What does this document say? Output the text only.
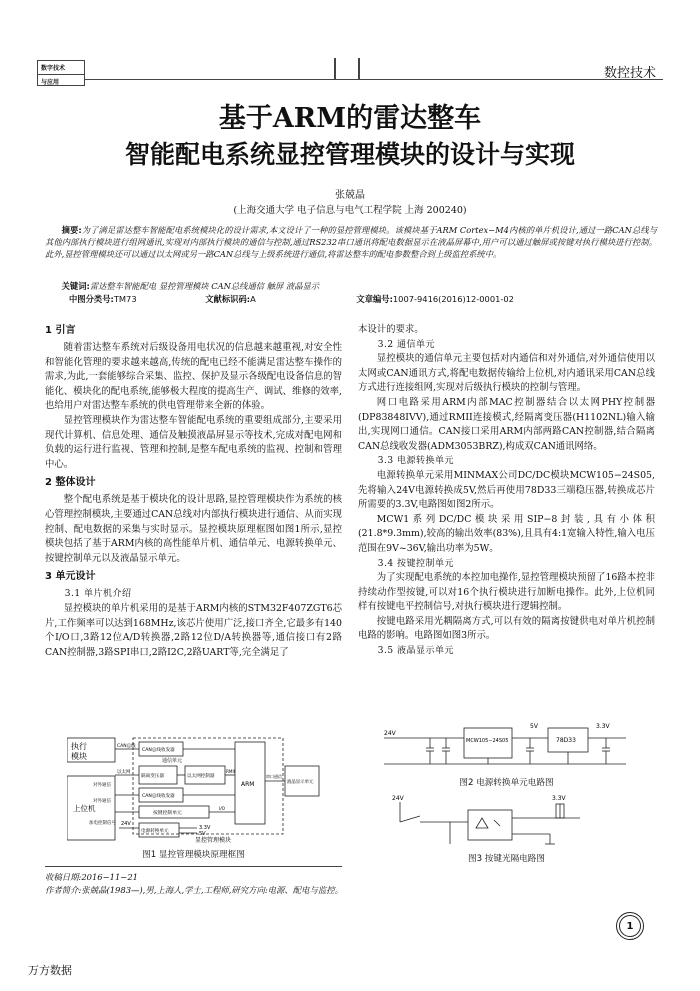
数字技术
与应用
数控技术
基于ARM的雷达整车
智能配电系统显控管理模块的设计与实现
张兢晶
(上海交通大学 电子信息与电气工程学院 上海 200240)
摘要:为了满足雷达整车智能配电系统模块化的设计需求,本文设计了一种的显控管理模块。该模块基于ARM Cortex−M4内核的单片机设计,通过一路CAN总线与其他内部执行模块进行组网通讯,实现对内部执行模块的通信与控制,通过RS232串口通讯将配电数据显示在液晶屏幕中,用户可以通过触屏或按键对执行模块进行控制。此外,显控管理模块还可以通过以太网或另一路CAN总线与上级系统进行通信,将雷达整车的配电参数整合到上级监控系统中。
关键词:雷达整车智能配电 显控管理模块 CAN总线通信 触屏 液晶显示
中图分类号:TM73	文献标识码:A	文章编号:1007-9416(2016)12-0001-02
1 引言
随着雷达整车系统对后级设备用电状况的信息越来越重视,对安全性和智能化管理的要求越来越高,传统的配电已经不能满足雷达整车操作的需求,为此,一套能够综合采集、监控、保护及显示各级配电设备信息的智能化、模块化的配电系统,能够极大程度的提高生产、调试、维修的效率,也给用户对雷达整车系统的供电管理带来全新的体验。
显控管理模块作为雷达整车智能配电系统的重要组成部分,主要采用现代计算机、信息处理、通信及触摸液晶屏显示等技术,完成对配电网和负载的运行进行监视、管理和控制,是整车配电系统的监视、控制和管理中心。
2 整体设计
整个配电系统是基于模块化的设计思路,显控管理模块作为系统的核心管理控制模块,主要通过CAN总线对内部执行模块进行通信、从而实现控制、配电数据的采集与实时显示。显控模块原理框图如图1所示,显控模块包括了基于ARM内核的高性能单片机、通信单元、电源转换单元、按键控制单元以及液晶显示单元。
3 单元设计
3.1 单片机介绍
显控模块的单片机采用的是基于ARM内核的STM32F407ZGT6芯片,工作频率可以达到168MHz,该芯片使用广泛,接口齐全,它最多有140个I/O口,3路12位A/D转换器,2路12位D/A转换器等,通信接口有2路CAN控制器,3路SPI串口,2路I2C,2路UART等,完全满足了
执行
模块
上位机
CAN总线
以太网
对外通信
对外通信
加电控制信号
CAN总线收发器
隔离变压器	以太网控制器
RMII
CAN总线收发器
通信单元
按键控制单元
I/O
ARM
串口通信
液晶显示单元
电源转换单元
24V
3.3V
5V
显控管理模块
图1 显控管理模块原理框图
本设计的要求。
3.2 通信单元
显控模块的通信单元主要包括对内通信和对外通信,对外通信使用以太网或CAN通讯方式,将配电数据传输给上位机,对内通讯采用CAN总线方式进行连接组网,实现对后级执行模块的控制与管理。
网口电路采用ARM内部MAC控制器结合以太网PHY控制器(DP83848IVV),通过RMII连接模式,经隔离变压器(H1102NL)输入输出,实现网口通信。CAN接口采用ARM内部两路CAN控制器,结合隔离CAN总线收发器(ADM3053BRZ),构成双CAN通讯网络。
3.3 电源转换单元
电源转换单元采用MINMAX公司DC/DC模块MCW105−24S05,先将输入24V电源转换成5V,然后再使用78D33三端稳压器,转换成芯片所需要的3.3V,电路图如图2所示。
MCW1系列DC/DC模块采用SIP−8封装,具有小体积(21.8*9.3mm),较高的输出效率(83%),且具有4:1宽输入特性,输入电压范围在9V~36V,输出功率为5W。
3.4 按键控制单元
为了实现配电系统的本控加电操作,显控管理模块预留了16路本控非持续动作型按键,可以对16个执行模块进行加断电操作。此外,上位机同样有按键电平控制信号,对执行模块进行逻辑控制。
按键电路采用光耦隔离方式,可以有效的隔离按键供电对单片机控制电路的影响。电路图如图3所示。
3.5 液晶显示单元
24V
MCW105−24S05	78D33
5V	3.3V
图2 电源转换单元电路图
24V	3.3V
图3 按键光隔电路图
收稿日期:2016−11−21
作者简介:张兢晶(1983—),男,上海人,学士,工程师,研究方向:电源、配电与监控。
1
万方数据
